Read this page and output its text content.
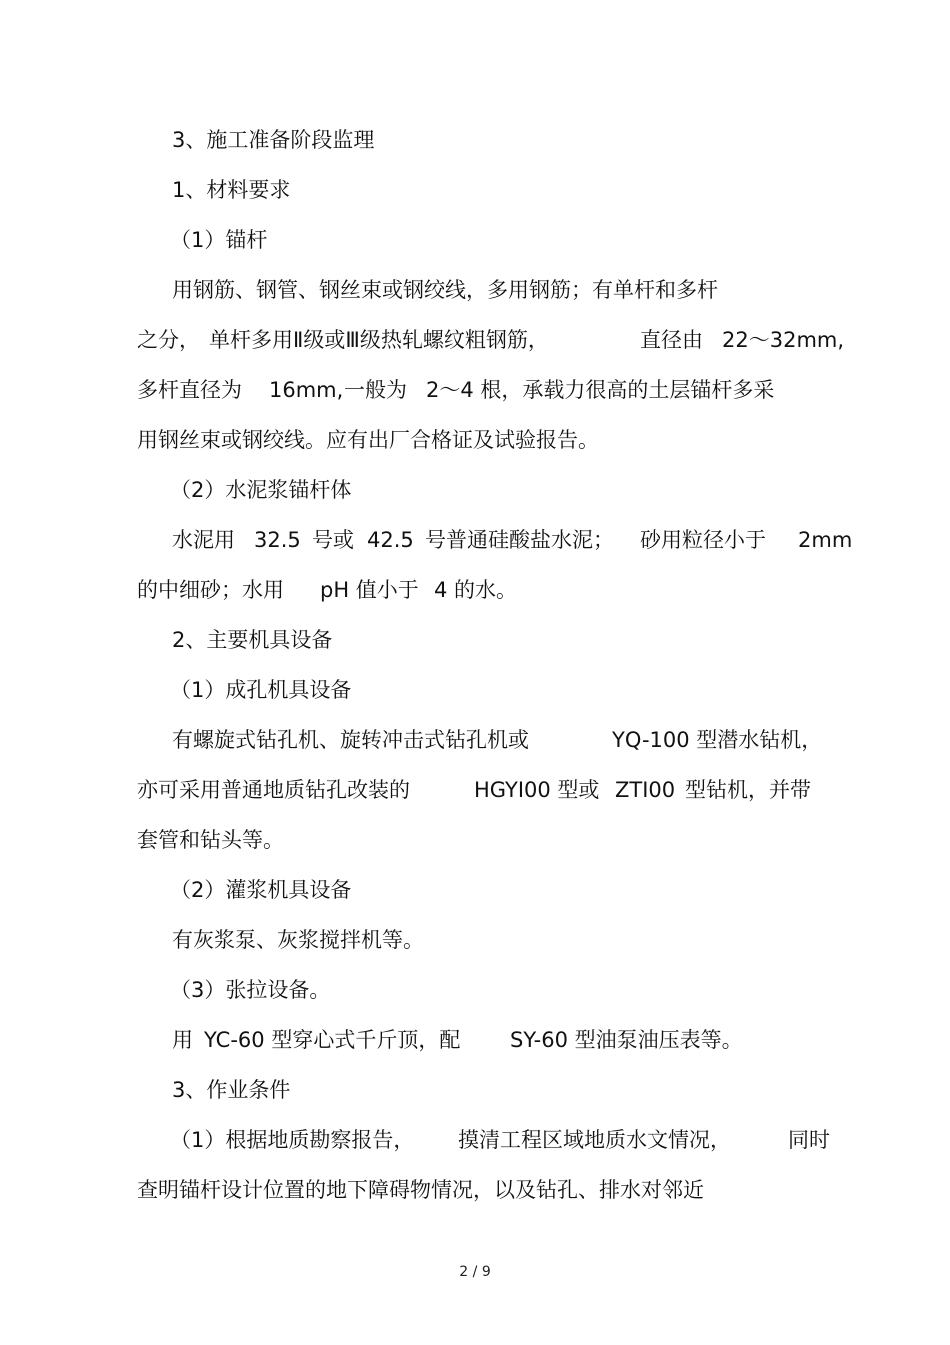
3、施工准备阶段监理
1、材料要求
（1）锚杆
用钢筋、钢管、钢丝束或钢绞线，多用钢筋；有单杆和多杆
之分， 单杆多用Ⅱ级或Ⅲ级热轧螺纹粗钢筋，	直径由 22～32mm,
多杆直径为 16mm, 一般为 2～4 根，承载力很高的土层锚杆多采
用钢丝束或钢绞线。应有出厂合格证及试验报告。
（2）水泥浆锚杆体
水泥用 32.5 号或 42.5 号普通硅酸盐水泥； 砂用粒径小于 2mm
的中细砂；水用 pH 值小于 4 的水。
2、主要机具设备
（1）成孔机具设备
有螺旋式钻孔机、旋转冲击式钻孔机或	YQ-100 型潜水钻机，
亦可采用普通地质钻孔改装的	HGYI00 型或 ZTI00 型钻机，并带
套管和钻头等。
（2）灌浆机具设备
有灰浆泵、灰浆搅拌机等。
（3）张拉设备。
用 YC-60 型穿心式千斤顶，配 SY-60 型油泵油压表等。
3、作业条件
（1）根据地质勘察报告， 摸清工程区域地质水文情况，	同时
查明锚杆设计位置的地下障碍物情况，以及钻孔、排水对邻近
2 / 9
